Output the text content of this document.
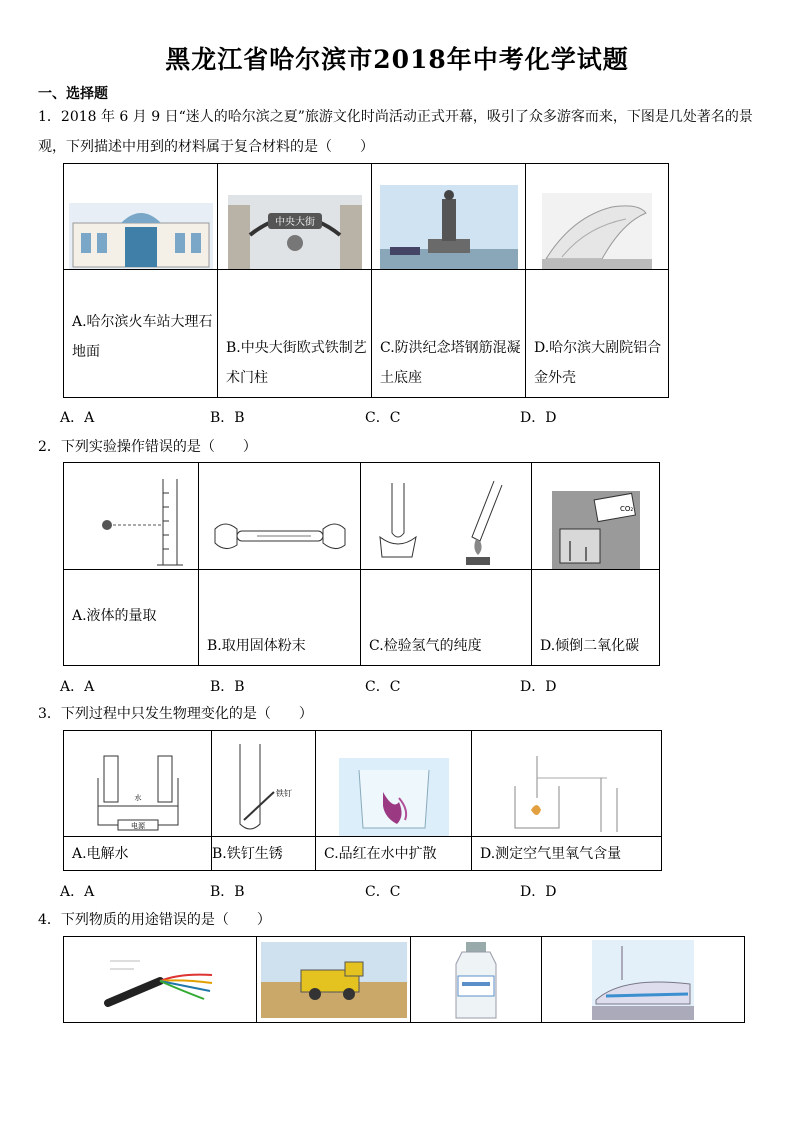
黑龙江省哈尔滨市2018年中考化学试题
一、选择题
1．2018 年 6 月 9 日“迷人的哈尔滨之夏”旅游文化时尚活动正式开幕，吸引了众多游客而来，下图是几处著名的景观，下列描述中用到的材料属于复合材料的是（　　）

中央大街

A.哈尔滨火车站大理石地面	B.中央大街欧式铁制艺术门柱	C.防洪纪念塔钢筋混凝土底座	D.哈尔滨大剧院铝合金外壳
A．A	B．B	C．C	D．D
2．下列实验操作错误的是（　　）

CO₂

A.液体的量取	B.取用固体粉末	C.检验氢气的纯度	D.倾倒二氧化碳
A．A	B．B	C．C	D．D
3．下列过程中只发生物理变化的是（　　）
水
电源	铁钉

A.电解水	B.铁钉生锈	C.品红在水中扩散	D.测定空气里氧气含量
A．A	B．B	C．C	D．D
4．下列物质的用途错误的是（　　）
